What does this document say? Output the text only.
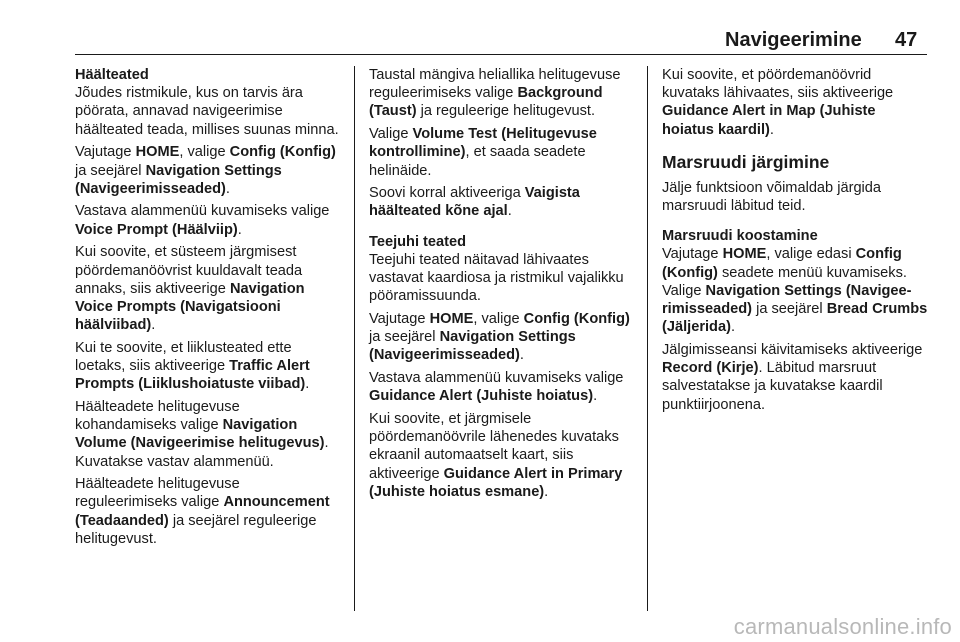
Navigeerimine 47

Häälteated

Jõudes ristmikule, kus on tarvis ära pöörata, annavad navigeerimise häälteated teada, millises suunas minna.

Vajutage HOME, valige Config (Konfig) ja seejärel Navigation Settings (Navigeerimisseaded).

Vastava alammenüü kuvamiseks valige Voice Prompt (Häälviip).

Kui soovite, et süsteem järgmisest pöördemanöövrist kuuldavalt teada annaks, siis aktiveerige Navigation Voice Prompts (Navigatsiooni häälviibad).

Kui te soovite, et liiklusteated ette loetaks, siis aktiveerige Traffic Alert Prompts (Liiklushoiatuste viibad).

Häälteadete helitugevuse kohandamiseks valige Navigation Volume (Navigeerimise helitugevus). Kuvatakse vastav alammenüü.

Häälteadete helitugevuse reguleerimiseks valige Announcement (Teadaanded) ja seejärel reguleerige helitugevust.

Taustal mängiva heliallika helitugevuse reguleerimiseks valige Background (Taust) ja reguleerige helitugevust.

Valige Volume Test (Helitugevuse kontrollimine), et saada seadete helinäide.

Soovi korral aktiveeriga Vaigista häälteated kõne ajal.

Teejuhi teated

Teejuhi teated näitavad lähivaates vastavat kaardiosa ja ristmikul vajalikku pööramissuunda.

Vajutage HOME, valige Config (Konfig) ja seejärel Navigation Settings (Navigeerimisseaded).

Vastava alammenüü kuvamiseks valige Guidance Alert (Juhiste hoiatus).

Kui soovite, et järgmisele pöördemanöövrile lähenedes kuvataks ekraanil automaatselt kaart, siis aktiveerige Guidance Alert in Primary (Juhiste hoiatus esmane).

Kui soovite, et pöördemanöövrid kuvataks lähivaates, siis aktiveerige Guidance Alert in Map (Juhiste hoiatus kaardil).

Marsruudi järgimine

Jälje funktsioon võimaldab järgida marsruudi läbitud teid.

Marsruudi koostamine

Vajutage HOME, valige edasi Config (Konfig) seadete menüü kuvamiseks. Valige Navigation Settings (Navigeerimisseaded) ja seejärel Bread Crumbs (Jäljerida).

Jälgimisseansi käivitamiseks aktiveerige Record (Kirje). Läbitud marsruut salvestatakse ja kuvatakse kaardil punktiirjoonena.

carmanualsonline.info
